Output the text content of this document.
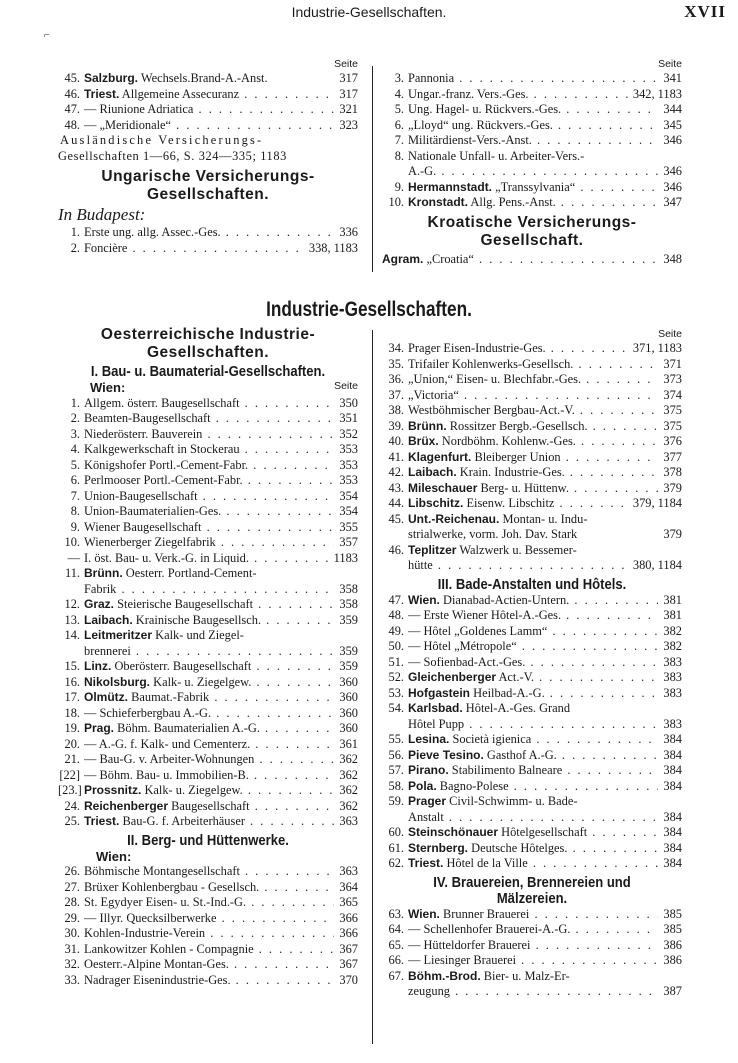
Industrie-Gesellschaften.	XVII
⌐
Seite
45. Salzburg. Wechsels.Brand-A.-Anst.	317
46. Triest. Allgemeine Assecuranz . . .	317
47. — Riunione Adriatica . . .	321
48. — „Meridionale“ . . .	323
Ausländische Versicherungs-
Gesellschaften 1—66, S. 324—335; 1183
Ungarische Versicherungs-
Gesellschaften.
In Budapest:
1. Erste ung. allg. Assec.-Ges. . . .	336
2. Foncière . . .	338, 1183
Seite
3. Pannonia . . .	341
4. Ungar.-franz. Vers.-Ges. . . .	342, 1183
5. Ung. Hagel- u. Rückvers.-Ges. . . .	344
6. „Lloyd“ ung. Rückvers.-Ges. . . .	345
7. Militärdienst-Vers.-Anst. . . .	346
8. Nationale Unfall- u. Arbeiter-Vers.-
A.-G. . . .	346
9. Hermannstadt. „Transsylvania“ . . .	346
10. Kronstadt. Allg. Pens.-Anst. . . .	347
Kroatische Versicherungs-
Gesellschaft.
Agram. „Croatia“ . . .	348
Industrie-Gesellschaften.
Oesterreichische Industrie-
Gesellschaften.
I. Bau- u. Baumaterial-Gesellschaften.
Wien:	Seite
1. Allgem. österr. Baugesellschaft . . .	350
2. Beamten-Baugesellschaft . . .	351
3. Niederösterr. Bauverein . . .	352
4. Kalkgewerkschaft in Stockerau . . .	353
5. Königshofer Portl.-Cement-Fabr. . . .	353
6. Perlmooser Portl.-Cement-Fabr. . . .	353
7. Union-Baugesellschaft . . .	354
8. Union-Baumaterialien-Ges. . . .	354
9. Wiener Baugesellschaft . . .	355
10. Wienerberger Ziegelfabrik . . .	357
— I. öst. Bau- u. Verk.-G. in Liquid. . . .	1183
11. Brünn. Oesterr. Portland-Cement-
Fabrik . . .	358
12. Graz. Steierische Baugesellschaft . . .	358
13. Laibach. Krainische Baugesellsch. . . .	359
14. Leitmeritzer Kalk- und Ziegel-
brennerei . . .	359
15. Linz. Oberösterr. Baugesellschaft . . .	359
16. Nikolsburg. Kalk- u. Ziegelgew. . . .	360
17. Olmütz. Baumat.-Fabrik . . .	360
18. — Schieferbergbau A.-G. . . .	360
19. Prag. Böhm. Baumaterialien A.-G. . . .	360
20. — A.-G. f. Kalk- und Cementerz. . . .	361
21. — Bau-G. v. Arbeiter-Wohnungen . . .	362
[22] — Böhm. Bau- u. Immobilien-B. . . .	362
[23.] Prossnitz. Kalk- u. Ziegelgew. . . .	362
24. Reichenberger Baugesellschaft . . .	362
25. Triest. Bau-G. f. Arbeiterhäuser . . .	363
II. Berg- und Hüttenwerke.
Wien:
26. Böhmische Montangesellschaft . . .	363
27. Brüxer Kohlenbergbau - Gesellsch. . . .	364
28. St. Egydyer Eisen- u. St.-Ind.-G. . . .	365
29. — Illyr. Quecksilberwerke . . .	366
30. Kohlen-Industrie-Verein . . .	366
31. Lankowitzer Kohlen - Compagnie . . .	367
32. Oesterr.-Alpine Montan-Ges. . . .	367
33. Nadrager Eisenindustrie-Ges. . . .	370
Seite
34. Prager Eisen-Industrie-Ges. . . .	371, 1183
35. Trifailer Kohlenwerks-Gesellsch. . . .	371
36. „Union,“ Eisen- u. Blechfabr.-Ges. . . .	373
37. „Victoria“ . . .	374
38. Westböhmischer Bergbau-Act.-V. . . .	375
39. Brünn. Rossitzer Bergb.-Gesellsch. . . .	375
40. Brüx. Nordböhm. Kohlenw.-Ges. . . .	376
41. Klagenfurt. Bleiberger Union . . .	377
42. Laibach. Krain. Industrie-Ges. . . .	378
43. Mileschauer Berg- u. Hüttenw. . . .	379
44. Libschitz. Eisenw. Libschitz . . .	379, 1184
45. Unt.-Reichenau. Montan- u. Indu-
strialwerke, vorm. Joh. Dav. Stark	379
46. Teplitzer Walzwerk u. Bessemer-
hütte . . .	380, 1184
III. Bade-Anstalten und Hôtels.
47. Wien. Dianabad-Actien-Untern. . . .	381
48. — Erste Wiener Hôtel-A.-Ges. . . .	381
49. — Hôtel „Goldenes Lamm“ . . .	382
50. — Hôtel „Métropole“ . . .	382
51. — Sofienbad-Act.-Ges. . . .	383
52. Gleichenberger Act.-V. . . .	383
53. Hofgastein Heilbad-A.-G. . . .	383
54. Karlsbad. Hôtel-A.-Ges. Grand
Hôtel Pupp . . .	383
55. Lesina. Società igienica . . .	384
56. Pieve Tesino. Gasthof A.-G. . . .	384
57. Pirano. Stabilimento Balneare . . .	384
58. Pola. Bagno-Polese . . .	384
59. Prager Civil-Schwimm- u. Bade-
Anstalt . . .	384
60. Steinschönauer Hôtelgesellschaft . . .	384
61. Sternberg. Deutsche Hôtelges. . . .	384
62. Triest. Hôtel de la Ville . . .	384
IV. Brauereien, Brennereien und
Mälzereien.
63. Wien. Brunner Brauerei . . .	385
64. — Schellenhofer Brauerei-A.-G. . . .	385
65. — Hütteldorfer Brauerei . . .	386
66. — Liesinger Brauerei . . .	386
67. Böhm.-Brod. Bier- u. Malz-Er-
zeugung . . .	387
